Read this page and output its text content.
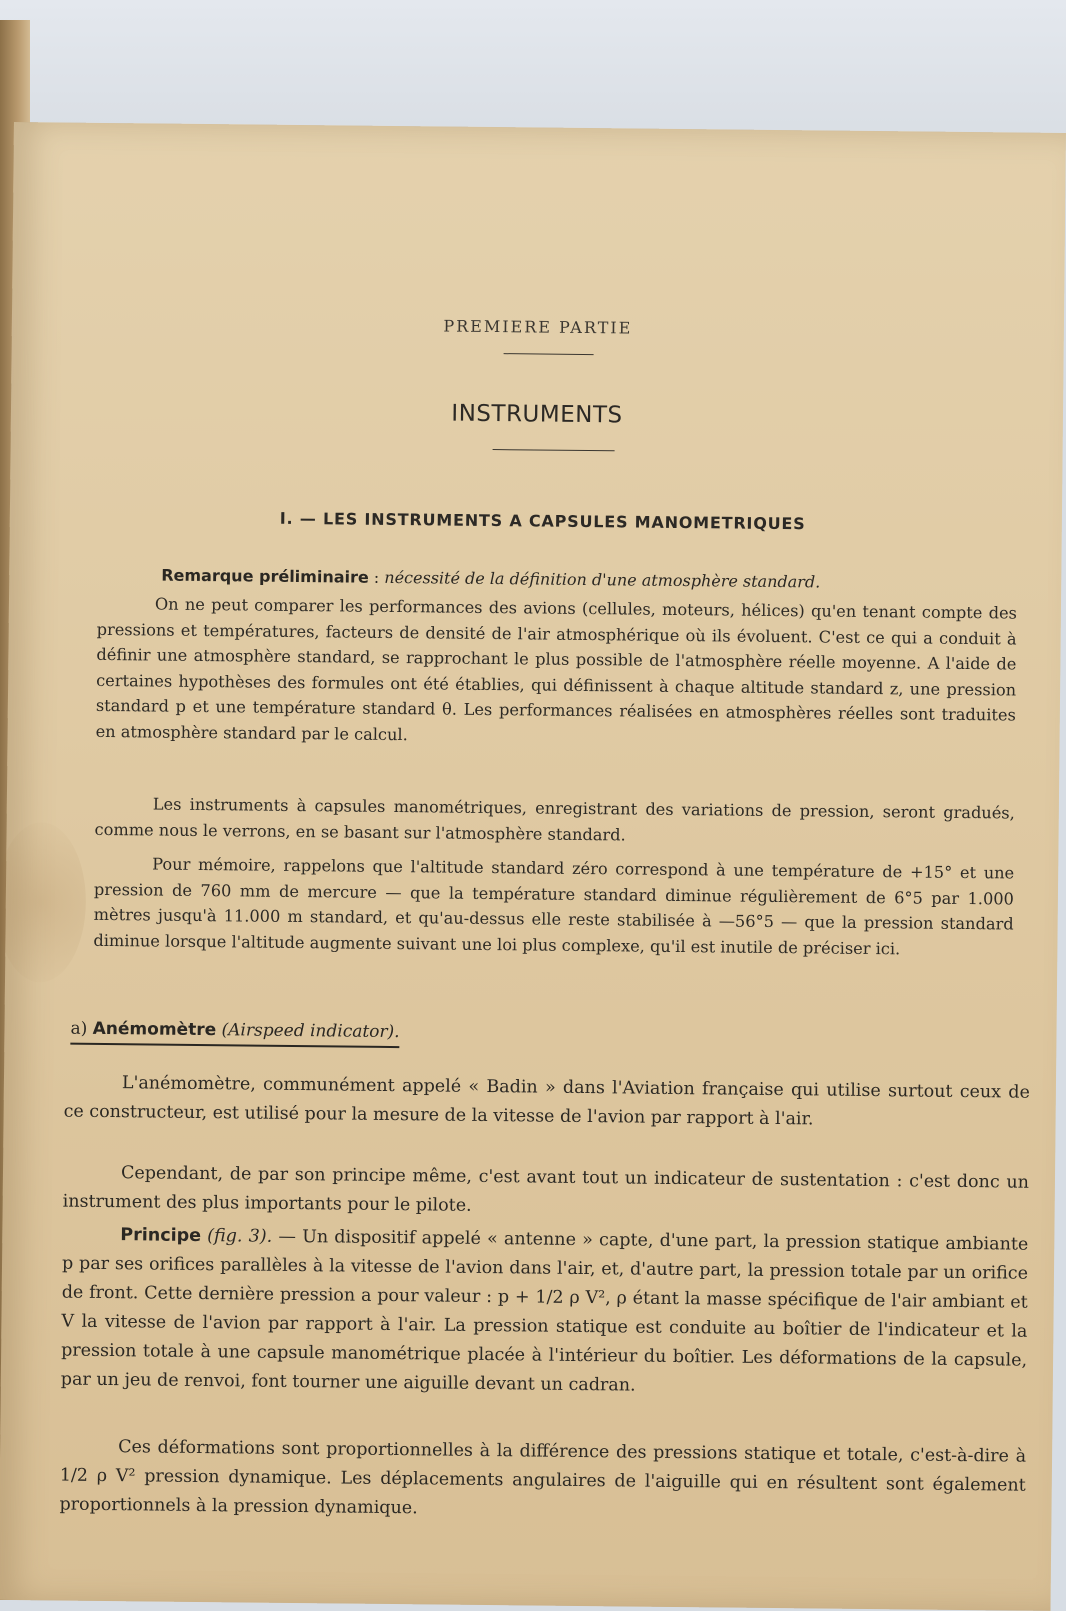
PREMIERE PARTIE
INSTRUMENTS
I. — LES INSTRUMENTS A CAPSULES MANOMETRIQUES
Remarque préliminaire : nécessité de la définition d'une atmosphère standard.

On ne peut comparer les performances des avions (cellules, moteurs, hélices) qu'en tenant compte des pressions et températures, facteurs de densité de l'air atmosphérique où ils évoluent. C'est ce qui a conduit à définir une atmosphère standard, se rapprochant le plus possible de l'atmosphère réelle moyenne. A l'aide de certaines hypothèses des formules ont été établies, qui définissent à chaque altitude standard z, une pression standard p et une température standard θ. Les performances réalisées en atmosphères réelles sont traduites en atmosphère standard par le calcul.

Les instruments à capsules manométriques, enregistrant des variations de pression, seront gradués, comme nous le verrons, en se basant sur l'atmosphère standard.

Pour mémoire, rappelons que l'altitude standard zéro correspond à une température de +15° et une pression de 760 mm de mercure — que la température standard diminue régulièrement de 6°5 par 1.000 mètres jusqu'à 11.000 m standard, et qu'au-dessus elle reste stabilisée à —56°5 — que la pression standard diminue lorsque l'altitude augmente suivant une loi plus complexe, qu'il est inutile de préciser ici.

a) Anémomètre (Airspeed indicator).

L'anémomètre, communément appelé « Badin » dans l'Aviation française qui utilise surtout ceux de ce constructeur, est utilisé pour la mesure de la vitesse de l'avion par rapport à l'air.

Cependant, de par son principe même, c'est avant tout un indicateur de sustentation : c'est donc un instrument des plus importants pour le pilote.

Principe (fig. 3). — Un dispositif appelé « antenne » capte, d'une part, la pression statique ambiante p par ses orifices parallèles à la vitesse de l'avion dans l'air, et, d'autre part, la pression totale par un orifice de front. Cette dernière pression a pour valeur : p + 1/2 ρ V², ρ étant la masse spécifique de l'air ambiant et V la vitesse de l'avion par rapport à l'air. La pression statique est conduite au boîtier de l'indicateur et la pression totale à une capsule manométrique placée à l'intérieur du boîtier. Les déformations de la capsule, par un jeu de renvoi, font tourner une aiguille devant un cadran.

Ces déformations sont proportionnelles à la différence des pressions statique et totale, c'est-à-dire à 1/2 ρ V² pression dynamique. Les déplacements angulaires de l'aiguille qui en résultent sont également proportionnels à la pression dynamique.
